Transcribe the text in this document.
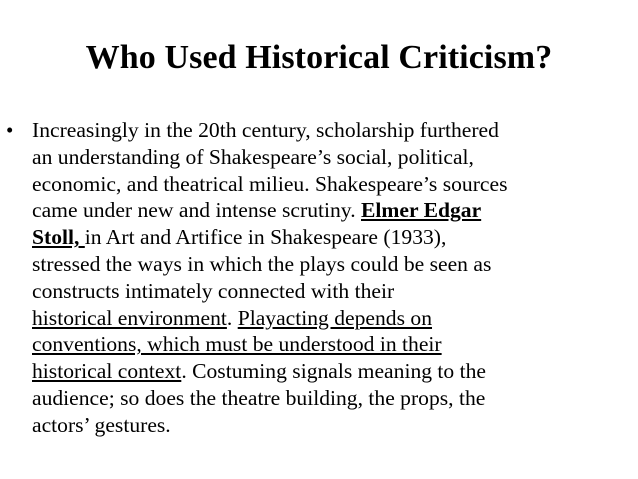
Who Used Historical Criticism?
• Increasingly in the 20th century, scholarship furthered
an understanding of Shakespeare’s social, political,
economic, and theatrical milieu. Shakespeare’s sources
came under new and intense scrutiny. Elmer Edgar
Stoll, in Art and Artifice in Shakespeare (1933),
stressed the ways in which the plays could be seen as
constructs intimately connected with their
historical environment. Playacting depends on
conventions, which must be understood in their
historical context. Costuming signals meaning to the
audience; so does the theatre building, the props, the
actors’ gestures.
